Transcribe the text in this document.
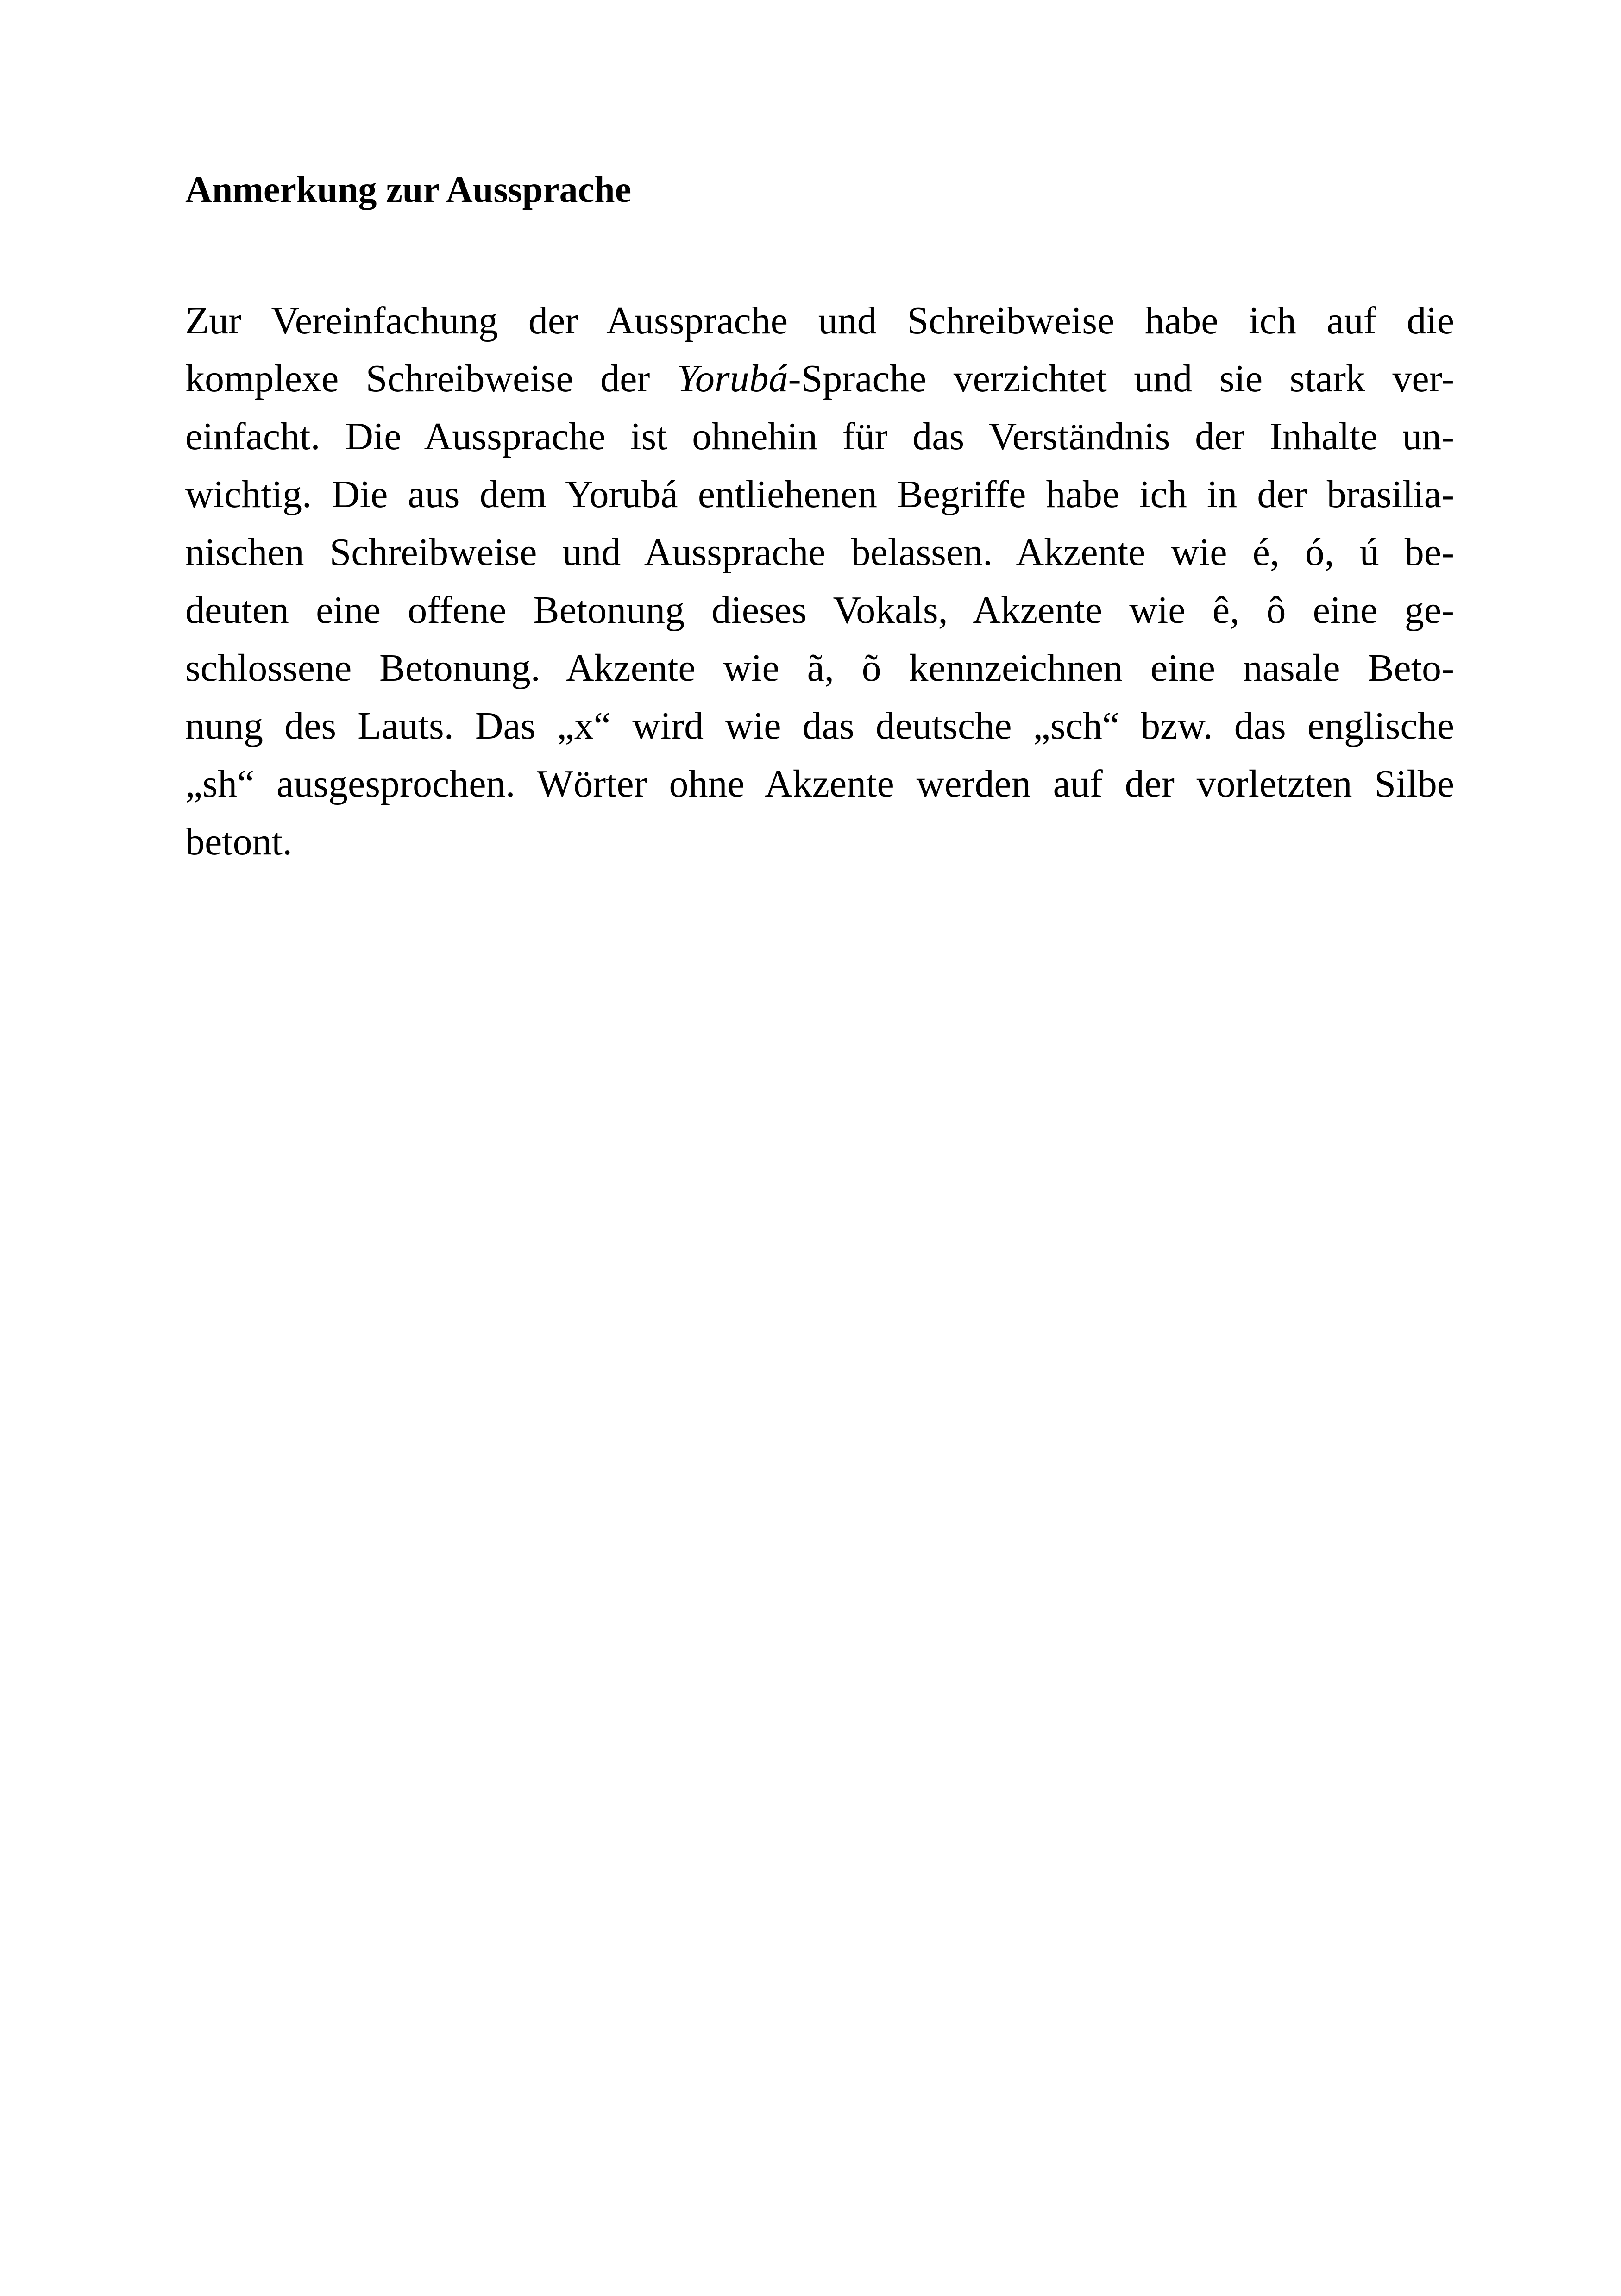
Anmerkung zur Aussprache
Zur Vereinfachung der Aussprache und Schreibweise habe ich auf die
komplexe Schreibweise der Yorubá-Sprache verzichtet und sie stark ver-
einfacht. Die Aussprache ist ohnehin für das Verständnis der Inhalte un-
wichtig. Die aus dem Yorubá entliehenen Begriffe habe ich in der brasilia-
nischen Schreibweise und Aussprache belassen. Akzente wie é, ó, ú be-
deuten eine offene Betonung dieses Vokals, Akzente wie ê, ô eine ge-
schlossene Betonung. Akzente wie ã, õ kennzeichnen eine nasale Beto-
nung des Lauts. Das „x“ wird wie das deutsche „sch“ bzw. das englische
„sh“ ausgesprochen. Wörter ohne Akzente werden auf der vorletzten Silbe
betont.
